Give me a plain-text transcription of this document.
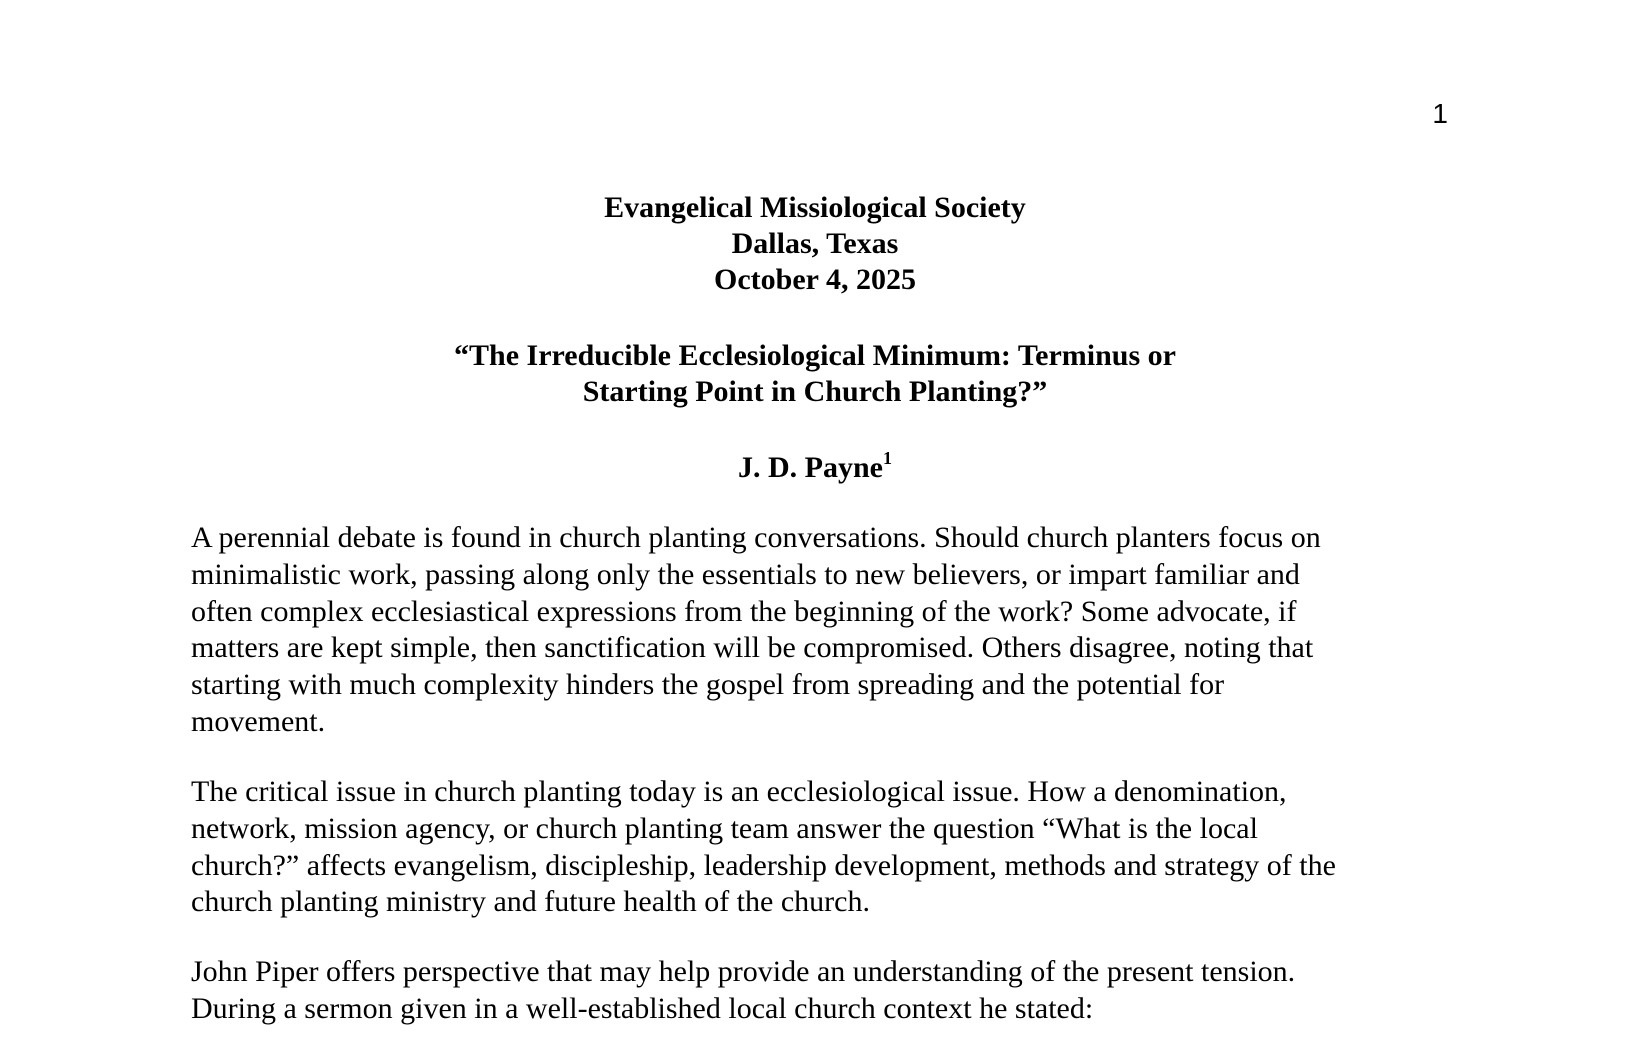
1
Evangelical Missiological Society
Dallas, Texas
October 4, 2025
“The Irreducible Ecclesiological Minimum: Terminus or
Starting Point in Church Planting?”
J. D. Payne$^1$
A perennial debate is found in church planting conversations. Should church planters focus on
minimalistic work, passing along only the essentials to new believers, or impart familiar and
often complex ecclesiastical expressions from the beginning of the work? Some advocate, if
matters are kept simple, then sanctification will be compromised. Others disagree, noting that
starting with much complexity hinders the gospel from spreading and the potential for
movement.
The critical issue in church planting today is an ecclesiological issue. How a denomination,
network, mission agency, or church planting team answer the question “What is the local
church?” affects evangelism, discipleship, leadership development, methods and strategy of the
church planting ministry and future health of the church.
John Piper offers perspective that may help provide an understanding of the present tension.
During a sermon given in a well-established local church context he stated:
